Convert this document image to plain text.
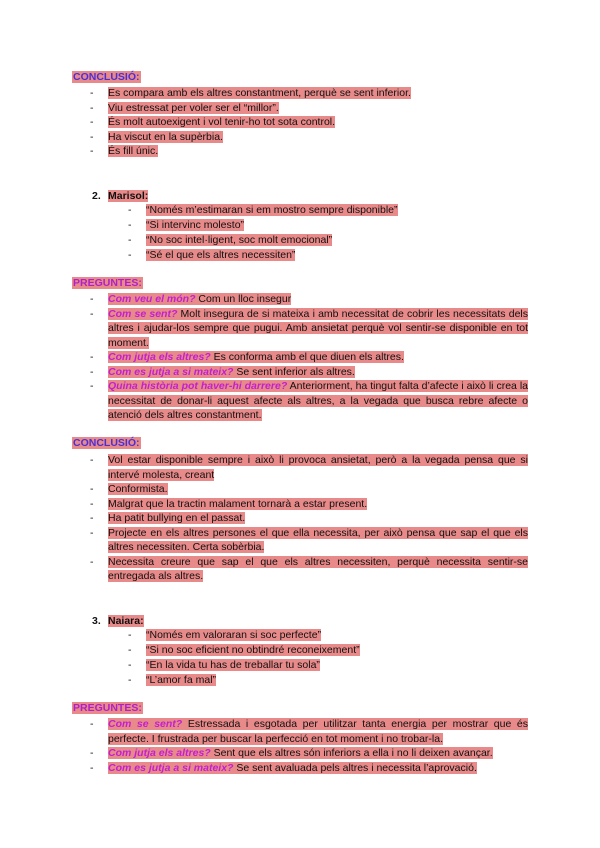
CONCLUSIÓ:
- Es compara amb els altres constantment, perquè se sent inferior.
- Viu estressat per voler ser el “millor”.
- És molt autoexigent i vol tenir-ho tot sota control.
- Ha viscut en la supèrbia.
- És fill únic.
2. Marisol:
- “Només m’estimaran si em mostro sempre disponible”
- “Si intervinc molesto”
- “No soc intel·ligent, soc molt emocional”
- “Sé el que els altres necessiten”
PREGUNTES:
- Com veu el món? Com un lloc insegur
- Com se sent? Molt insegura de si mateixa i amb necessitat de cobrir les necessitats dels altres i ajudar-los sempre que pugui. Amb ansietat perquè vol sentir-se disponible en tot moment.
- Com jutja els altres? Es conforma amb el que diuen els altres.
- Com es jutja a si mateix? Se sent inferior als altres.
- Quina història pot haver-hi darrere? Anteriorment, ha tingut falta d’afecte i això li crea la necessitat de donar-li aquest afecte als altres, a la vegada que busca rebre afecte o atenció dels altres constantment.
CONCLUSIÓ:
- Vol estar disponible sempre i això li provoca ansietat, però a la vegada pensa que si intervé molesta, creant
- Conformista.
- Malgrat que la tractin malament tornarà a estar present.
- Ha patit bullying en el passat.
- Projecte en els altres persones el que ella necessita, per això pensa que sap el que els altres necessiten. Certa sobèrbia.
- Necessita creure que sap el que els altres necessiten, perquè necessita sentir-se entregada als altres.
3. Naiara:
- “Només em valoraran si soc perfecte”
- “Si no soc eficient no obtindré reconeixement”
- “En la vida tu has de treballar tu sola”
- “L’amor fa mal”
PREGUNTES:
- Com se sent? Estressada i esgotada per utilitzar tanta energia per mostrar que és perfecte. I frustrada per buscar la perfecció en tot moment i no trobar-la.
- Com jutja els altres? Sent que els altres són inferiors a ella i no li deixen avançar.
- Com es jutja a si mateix? Se sent avaluada pels altres i necessita l’aprovació.
